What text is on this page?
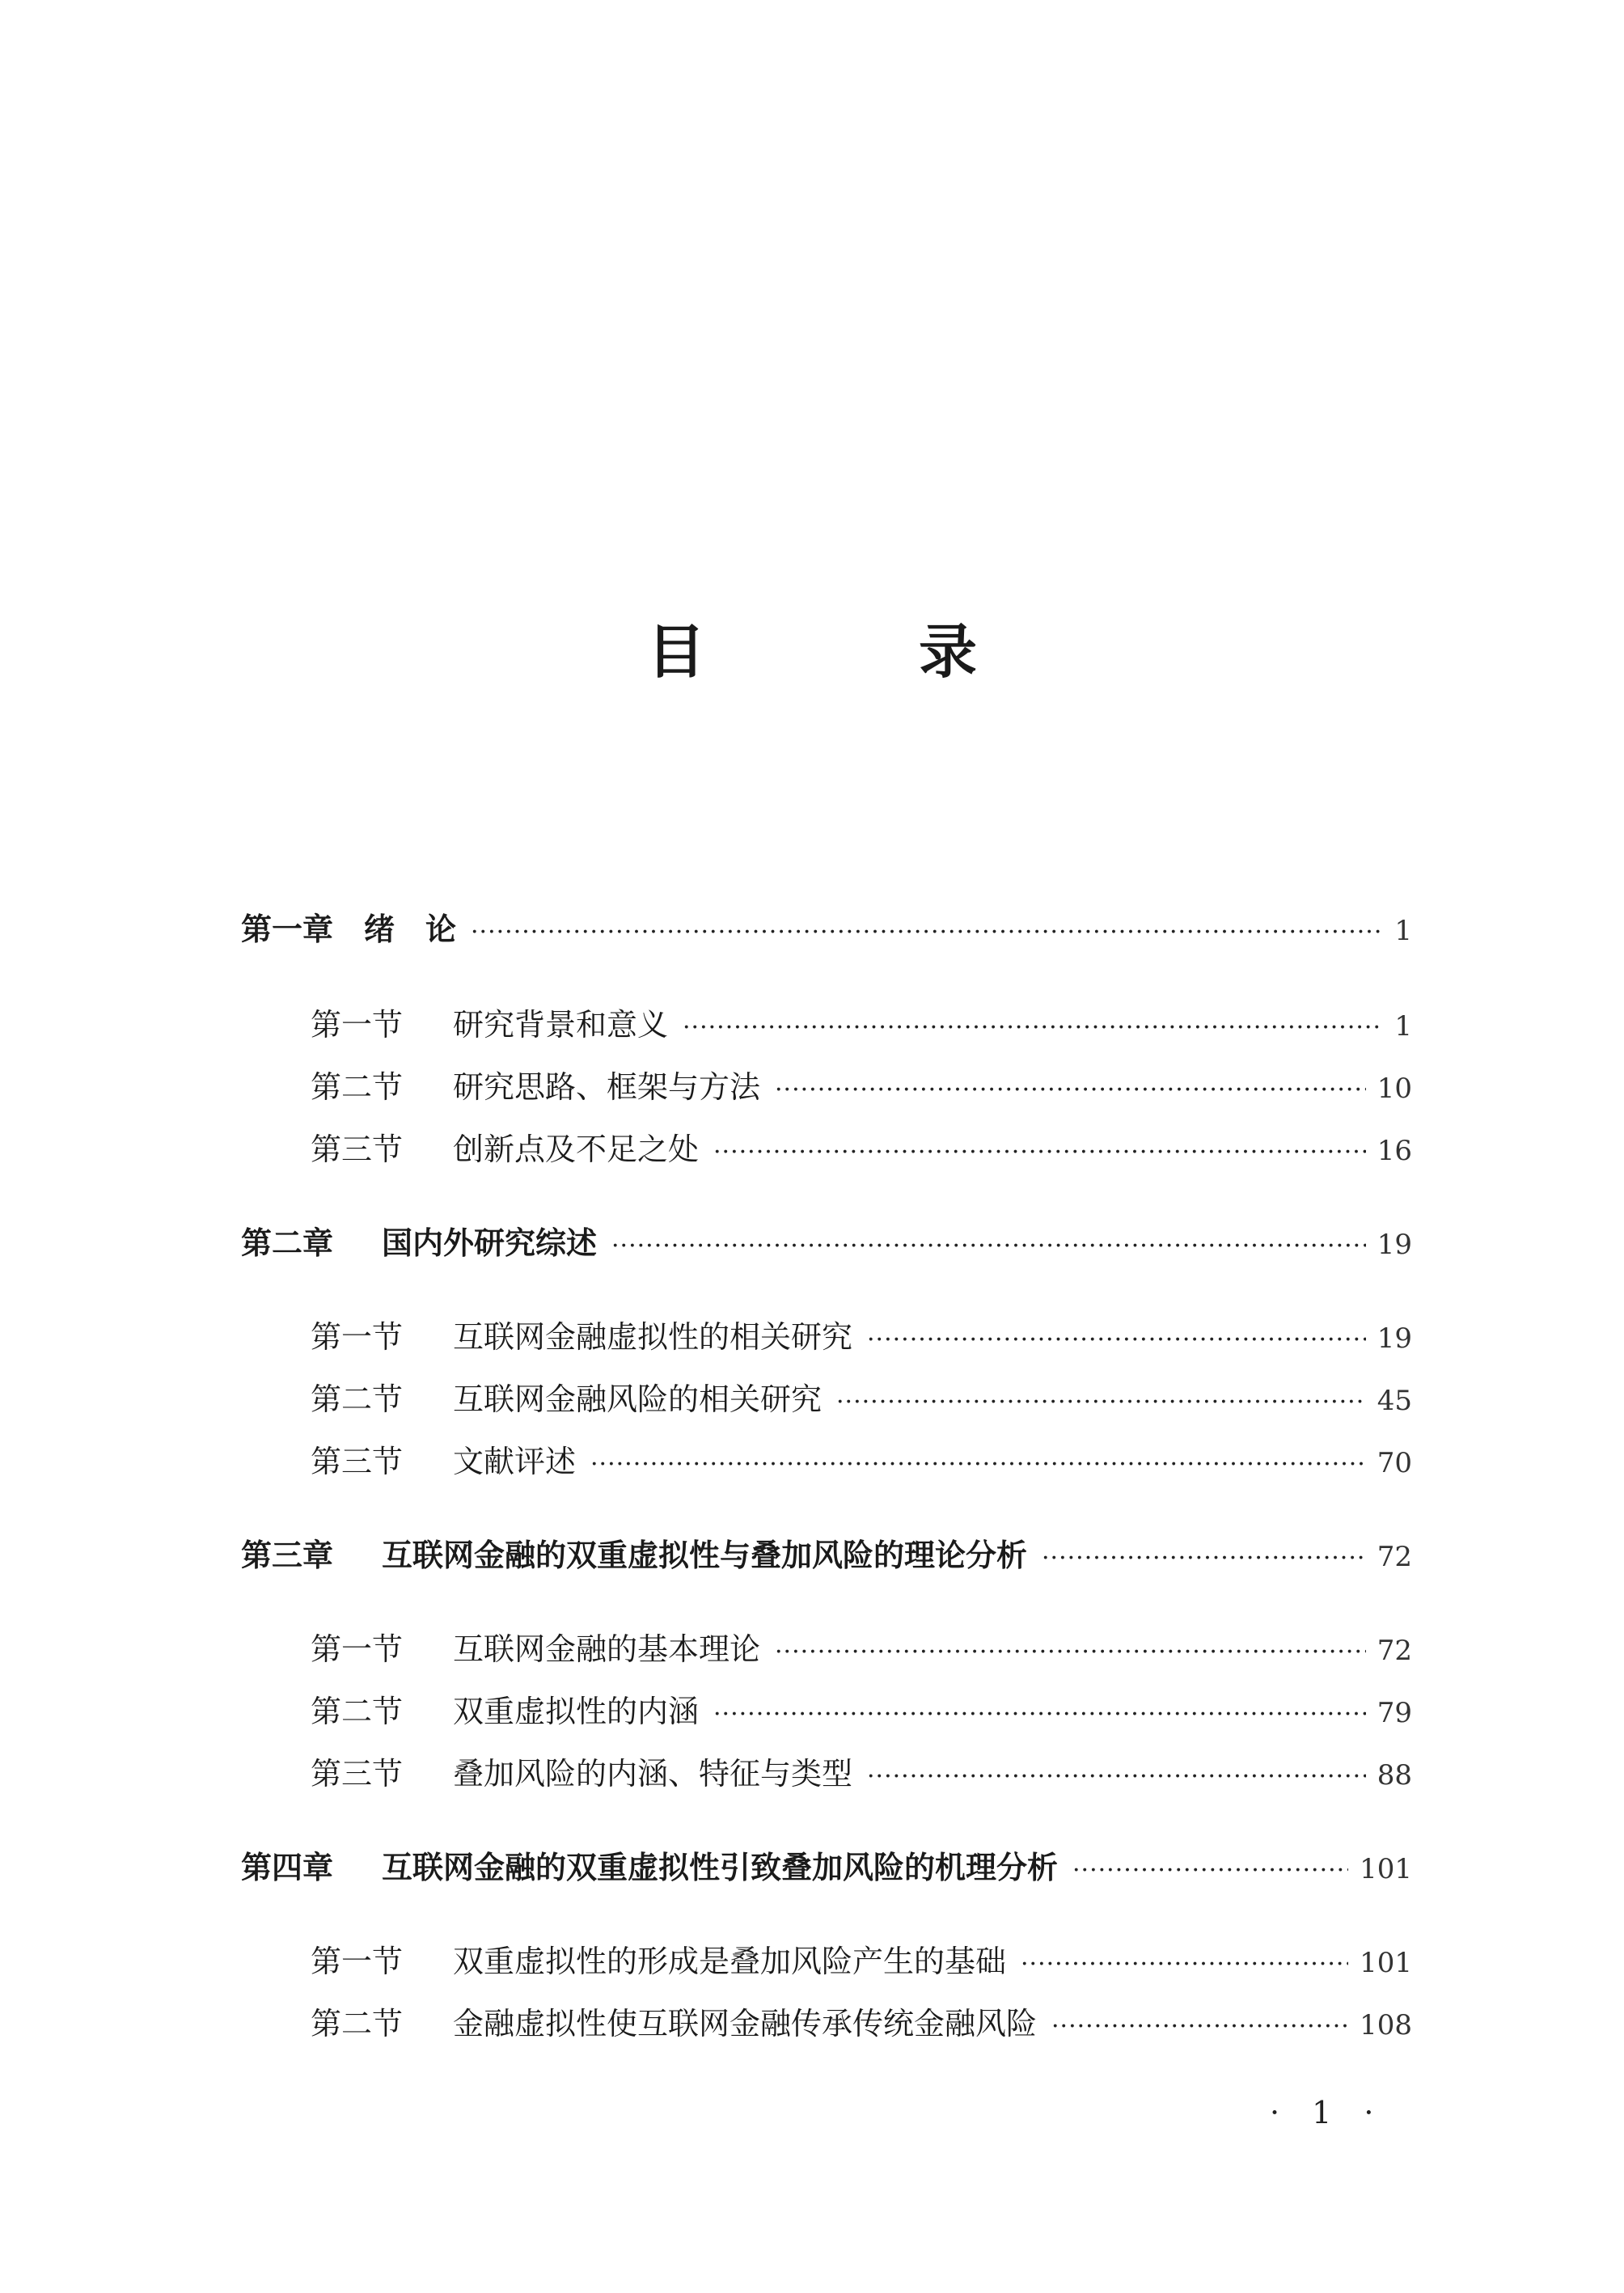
目　录
第一章　绪　论 ·····	1
第一节	研究背景和意义 ·····	1
第二节	研究思路、框架与方法 ·····	10
第三节	创新点及不足之处 ·····	16
第二章	国内外研究综述 ·····	19
第一节	互联网金融虚拟性的相关研究 ·····	19
第二节	互联网金融风险的相关研究 ·····	45
第三节	文献评述 ·····	70
第三章	互联网金融的双重虚拟性与叠加风险的理论分析 ·····	72
第一节	互联网金融的基本理论 ·····	72
第二节	双重虚拟性的内涵 ·····	79
第三节	叠加风险的内涵、特征与类型 ·····	88
第四章	互联网金融的双重虚拟性引致叠加风险的机理分析 ·····	101
第一节	双重虚拟性的形成是叠加风险产生的基础 ·····	101
第二节	金融虚拟性使互联网金融传承传统金融风险 ·····	108
· 1 ·
